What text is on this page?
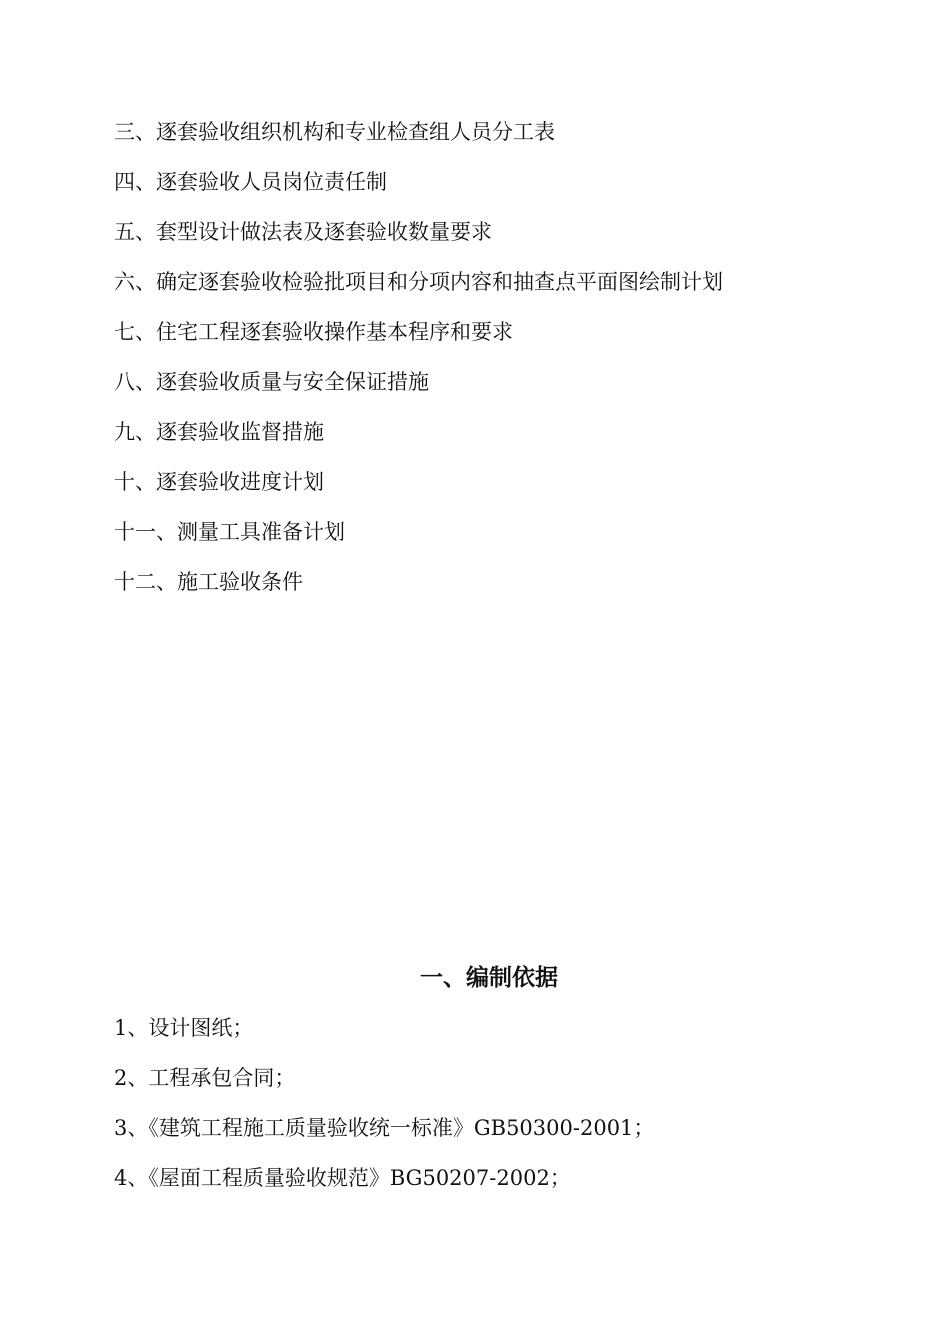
三、逐套验收组织机构和专业检查组人员分工表
四、逐套验收人员岗位责任制
五、套型设计做法表及逐套验收数量要求
六、确定逐套验收检验批项目和分项内容和抽查点平面图绘制计划
七、住宅工程逐套验收操作基本程序和要求
八、逐套验收质量与安全保证措施
九、逐套验收监督措施
十、逐套验收进度计划
十一、测量工具准备计划
十二、施工验收条件
一、编制依据
1、设计图纸；
2、工程承包合同；
3、《建筑工程施工质量验收统一标准》GB50300-2001；
4、《屋面工程质量验收规范》BG50207-2002；
